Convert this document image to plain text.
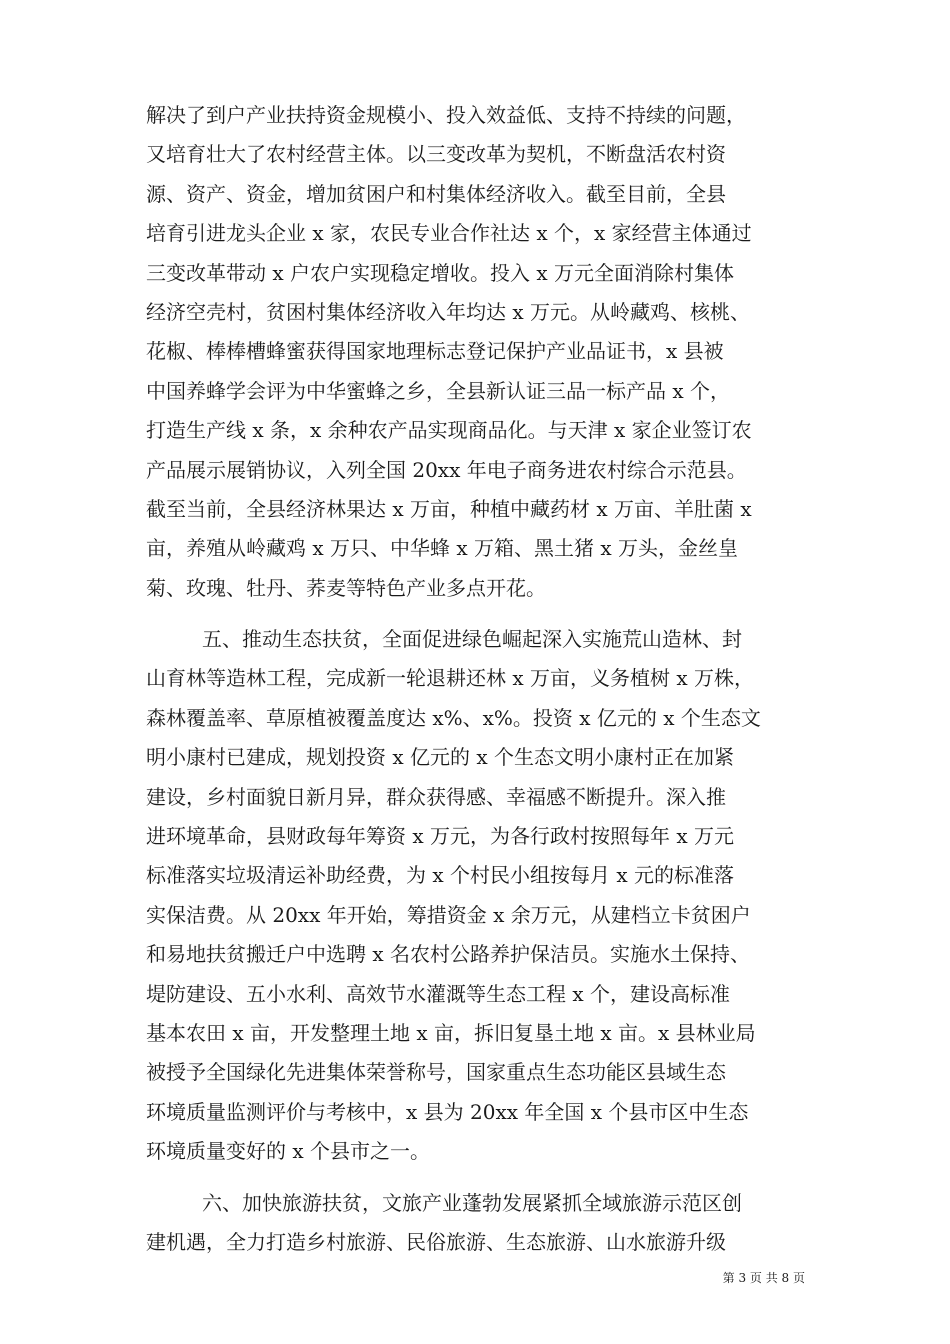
解决了到户产业扶持资金规模小、投入效益低、支持不持续的问题，
又培育壮大了农村经营主体。以三变改革为契机，不断盘活农村资
源、资产、资金，增加贫困户和村集体经济收入。截至目前，全县
培育引进龙头企业 x 家，农民专业合作社达 x 个，x 家经营主体通过
三变改革带动 x 户农户实现稳定增收。投入 x 万元全面消除村集体
经济空壳村，贫困村集体经济收入年均达 x 万元。从岭藏鸡、核桃、
花椒、棒棒槽蜂蜜获得国家地理标志登记保护产业品证书，x 县被
中国养蜂学会评为中华蜜蜂之乡，全县新认证三品一标产品 x 个，
打造生产线 x 条，x 余种农产品实现商品化。与天津 x 家企业签订农
产品展示展销协议，入列全国 20xx 年电子商务进农村综合示范县。
截至当前，全县经济林果达 x 万亩，种植中藏药材 x 万亩、羊肚菌 x
亩，养殖从岭藏鸡 x 万只、中华蜂 x 万箱、黑土猪 x 万头，金丝皇
菊、玫瑰、牡丹、荞麦等特色产业多点开花。
五、推动生态扶贫，全面促进绿色崛起深入实施荒山造林、封
山育林等造林工程，完成新一轮退耕还林 x 万亩，义务植树 x 万株，
森林覆盖率、草原植被覆盖度达 x%、x%。投资 x 亿元的 x 个生态文
明小康村已建成，规划投资 x 亿元的 x 个生态文明小康村正在加紧
建设，乡村面貌日新月异，群众获得感、幸福感不断提升。深入推
进环境革命，县财政每年筹资 x 万元，为各行政村按照每年 x 万元
标准落实垃圾清运补助经费，为 x 个村民小组按每月 x 元的标准落
实保洁费。从 20xx 年开始，筹措资金 x 余万元，从建档立卡贫困户
和易地扶贫搬迁户中选聘 x 名农村公路养护保洁员。实施水土保持、
堤防建设、五小水利、高效节水灌溉等生态工程 x 个，建设高标准
基本农田 x 亩，开发整理土地 x 亩，拆旧复垦土地 x 亩。x 县林业局
被授予全国绿化先进集体荣誉称号，国家重点生态功能区县域生态
环境质量监测评价与考核中，x 县为 20xx 年全国 x 个县市区中生态
环境质量变好的 x 个县市之一。
六、加快旅游扶贫，文旅产业蓬勃发展紧抓全域旅游示范区创
建机遇，全力打造乡村旅游、民俗旅游、生态旅游、山水旅游升级
第 3 页 共 8 页
